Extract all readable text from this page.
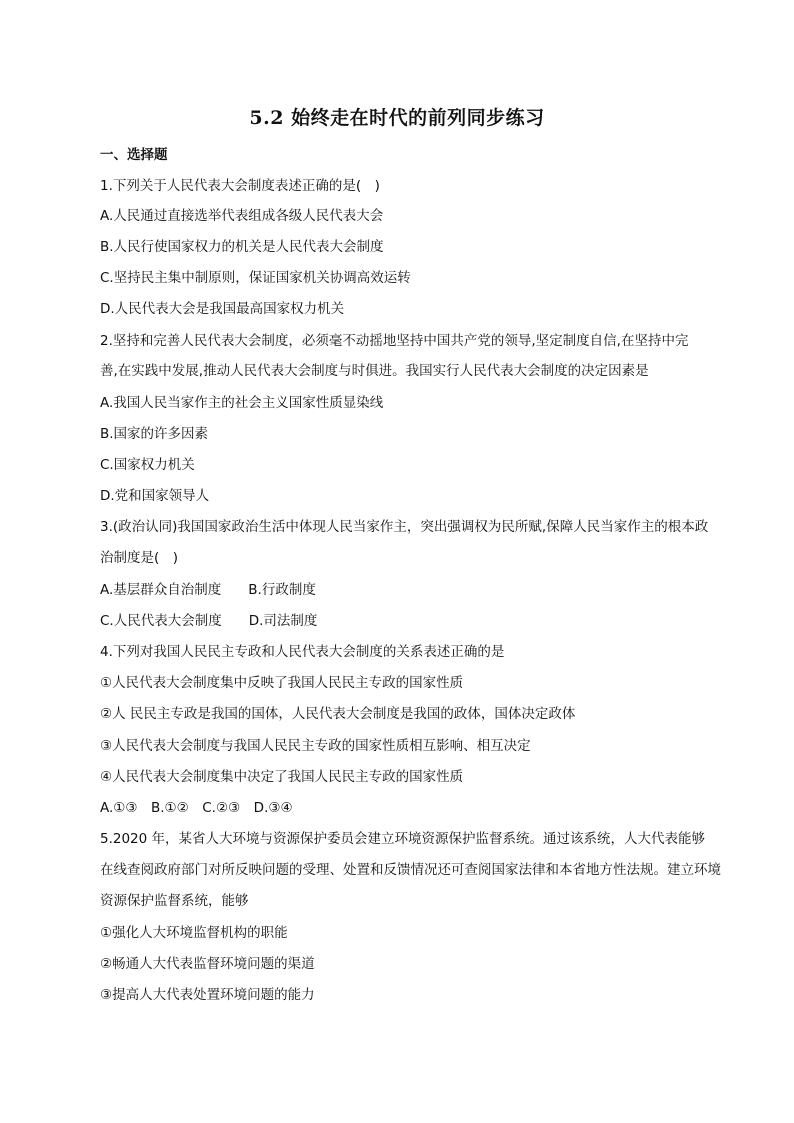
5.2 始终走在时代的前列同步练习
一、选择题
1.下列关于人民代表大会制度表述正确的是(　)
A.人民通过直接选举代表组成各级人民代表大会
B.人民行使国家权力的机关是人民代表大会制度
C.坚持民主集中制原则，保证国家机关协调高效运转
D.人民代表大会是我国最高国家权力机关
2.坚持和完善人民代表大会制度，必须毫不动摇地坚持中国共产党的领导,坚定制度自信,在坚持中完
善,在实践中发展,推动人民代表大会制度与时俱进。我国实行人民代表大会制度的决定因素是
A.我国人民当家作主的社会主义国家性质显染线
B.国家的许多因素
C.国家权力机关
D.党和国家领导人
3.(政治认同)我国国家政治生活中体现人民当家作主，突出强调权为民所赋,保障人民当家作主的根本政
治制度是(　)
A.基层群众自治制度　　B.行政制度
C.人民代表大会制度　　D.司法制度
4.下列对我国人民民主专政和人民代表大会制度的关系表述正确的是
①人民代表大会制度集中反映了我国人民民主专政的国家性质
②人 民民主专政是我国的国体，人民代表大会制度是我国的政体，国体决定政体
③人民代表大会制度与我国人民民主专政的国家性质相互影响、相互决定
④人民代表大会制度集中决定了我国人民民主专政的国家性质
A.①③　B.①②　C.②③　D.③④
5.2020 年，某省人大环境与资源保护委员会建立环境资源保护监督系统。通过该系统，人大代表能够
在线查阅政府部门对所反映问题的受理、处置和反馈情况还可查阅国家法律和本省地方性法规。建立环境
资源保护监督系统，能够
①强化人大环境监督机构的职能
②畅通人大代表监督环境问题的渠道
③提高人大代表处置环境问题的能力
